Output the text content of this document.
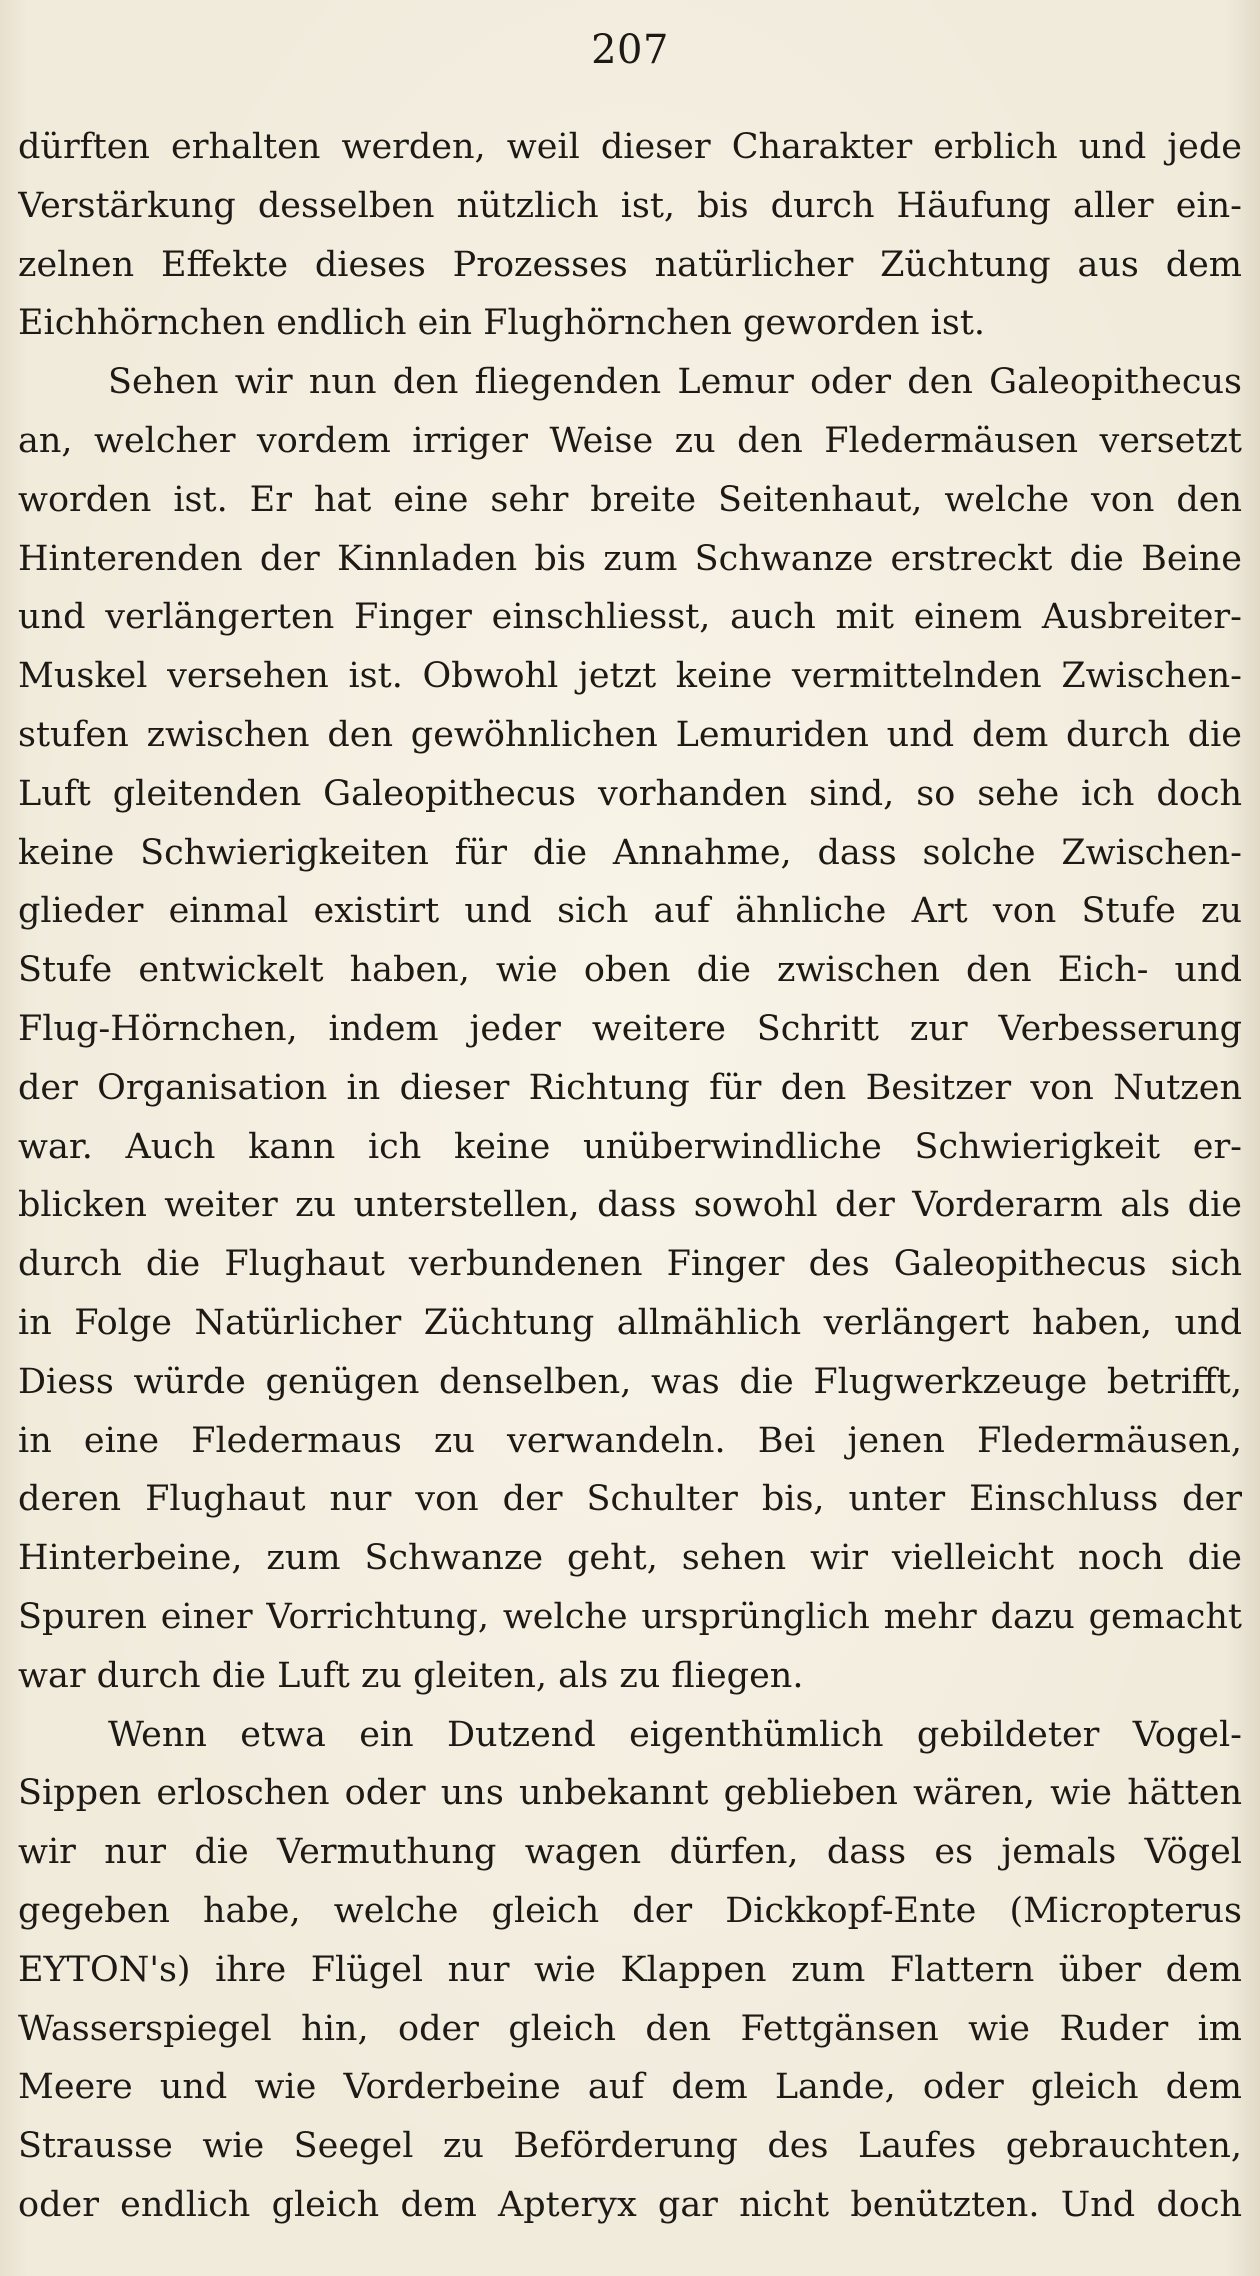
207
dürften erhalten werden, weil dieser Charakter erblich und jede
Verstärkung desselben nützlich ist, bis durch Häufung aller ein-
zelnen Effekte dieses Prozesses natürlicher Züchtung aus dem
Eichhörnchen endlich ein Flughörnchen geworden ist.
Sehen wir nun den fliegenden Lemur oder den Galeopithecus
an, welcher vordem irriger Weise zu den Fledermäusen versetzt
worden ist. Er hat eine sehr breite Seitenhaut, welche von den
Hinterenden der Kinnladen bis zum Schwanze erstreckt die Beine
und verlängerten Finger einschliesst, auch mit einem Ausbreiter-
Muskel versehen ist. Obwohl jetzt keine vermittelnden Zwischen-
stufen zwischen den gewöhnlichen Lemuriden und dem durch die
Luft gleitenden Galeopithecus vorhanden sind, so sehe ich doch
keine Schwierigkeiten für die Annahme, dass solche Zwischen-
glieder einmal existirt und sich auf ähnliche Art von Stufe zu
Stufe entwickelt haben, wie oben die zwischen den Eich- und
Flug-Hörnchen, indem jeder weitere Schritt zur Verbesserung
der Organisation in dieser Richtung für den Besitzer von Nutzen
war. Auch kann ich keine unüberwindliche Schwierigkeit er-
blicken weiter zu unterstellen, dass sowohl der Vorderarm als die
durch die Flughaut verbundenen Finger des Galeopithecus sich
in Folge Natürlicher Züchtung allmählich verlängert haben, und
Diess würde genügen denselben, was die Flugwerkzeuge betrifft,
in eine Fledermaus zu verwandeln. Bei jenen Fledermäusen,
deren Flughaut nur von der Schulter bis, unter Einschluss der
Hinterbeine, zum Schwanze geht, sehen wir vielleicht noch die
Spuren einer Vorrichtung, welche ursprünglich mehr dazu gemacht
war durch die Luft zu gleiten, als zu fliegen.
Wenn etwa ein Dutzend eigenthümlich gebildeter Vogel-
Sippen erloschen oder uns unbekannt geblieben wären, wie hätten
wir nur die Vermuthung wagen dürfen, dass es jemals Vögel
gegeben habe, welche gleich der Dickkopf-Ente (Micropterus
EYTON's) ihre Flügel nur wie Klappen zum Flattern über dem
Wasserspiegel hin, oder gleich den Fettgänsen wie Ruder im
Meere und wie Vorderbeine auf dem Lande, oder gleich dem
Strausse wie Seegel zu Beförderung des Laufes gebrauchten,
oder endlich gleich dem Apteryx gar nicht benützten. Und doch
